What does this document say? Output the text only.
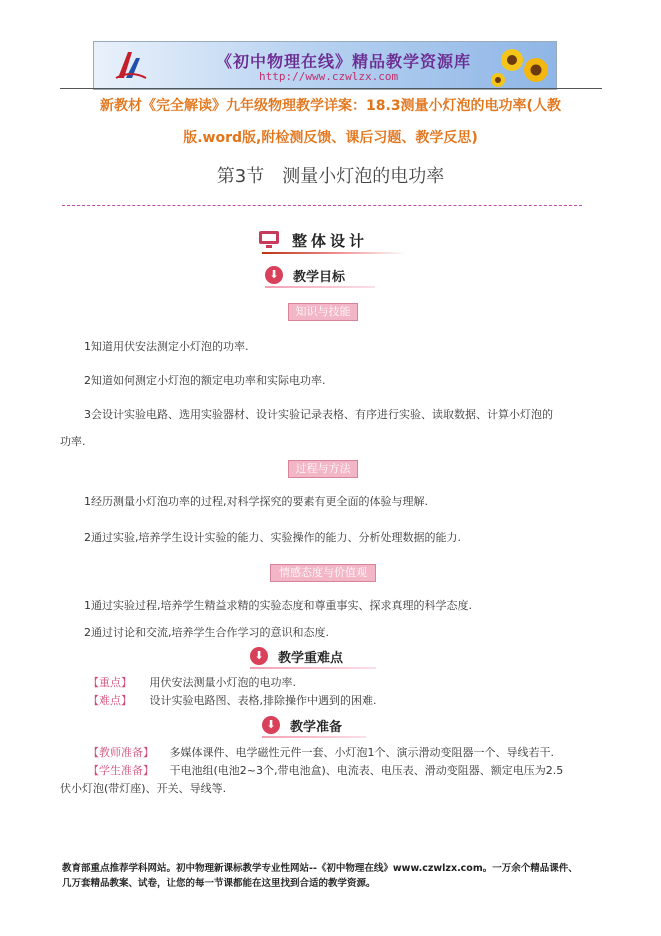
《初中物理在线》精品教学资源库
http://www.czwlzx.com
新教材《完全解读》九年级物理教学详案：18.3测量小灯泡的电功率(人教
版.word版,附检测反馈、课后习题、教学反思)
第3节　测量小灯泡的电功率
整体设计
⬇	教学目标
知识与技能
1知道用伏安法测定小灯泡的功率.
2知道如何测定小灯泡的额定电功率和实际电功率.
3会设计实验电路、选用实验器材、设计实验记录表格、有序进行实验、读取数据、计算小灯泡的
功率.
过程与方法
1经历测量小灯泡功率的过程,对科学探究的要素有更全面的体验与理解.
2通过实验,培养学生设计实验的能力、实验操作的能力、分析处理数据的能力.
情感态度与价值观
1通过实验过程,培养学生精益求精的实验态度和尊重事实、探求真理的科学态度.
2通过讨论和交流,培养学生合作学习的意识和态度.
⬇	教学重难点
【重点】 用伏安法测量小灯泡的电功率.
【难点】 设计实验电路图、表格,排除操作中遇到的困难.
⬇	教学准备
【教师准备】 多媒体课件、电学磁性元件一套、小灯泡1个、演示滑动变阻器一个、导线若干.
【学生准备】 干电池组(电池2~3个,带电池盒)、电流表、电压表、滑动变阻器、额定电压为2.5
伏小灯泡(带灯座)、开关、导线等.
教育部重点推荐学科网站。初中物理新课标教学专业性网站--《初中物理在线》www.czwlzx.com。一万余个精品课件、
几万套精品教案、试卷，让您的每一节课都能在这里找到合适的教学资源。
